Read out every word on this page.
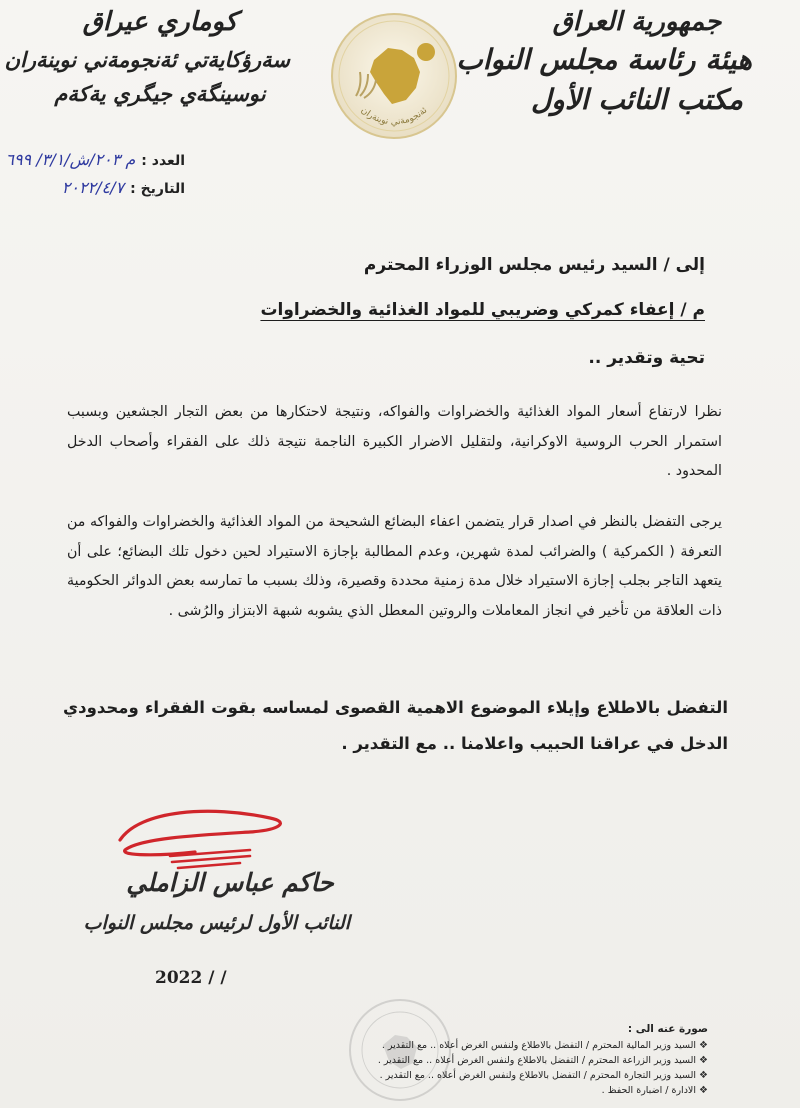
جمهورية العراق
هيئة رئاسة مجلس النواب
مكتب النائب الأول
كوماري عيراق
سةرؤكايةتي ئةنجومةني نوينةران
نوسينگةي جيگري يةكةم
ئةنجومةني نوينةران
العدد :
م ٢٠٣/ش/٣/١/ ٦٩٩
التاريخ :
٢٠٢٢/٤/٧
إلى / السيد رئيس مجلس الوزراء المحترم
م / إعفاء كمركي وضريبي للمواد الغذائية والخضراوات
تحية وتقدير ..
نظرا لارتفاع أسعار المواد الغذائية والخضراوات والفواكه، ونتيجة لاحتكارها من بعض التجار الجشعين وبسبب استمرار الحرب الروسية الاوكرانية، ولتقليل الاضرار الكبيرة الناجمة نتيجة ذلك على الفقراء وأصحاب الدخل المحدود .
يرجى التفضل بالنظر في اصدار قرار يتضمن اعفاء البضائع الشحيحة من المواد الغذائية والخضراوات والفواكه من التعرفة ( الكمركية ) والضرائب لمدة شهرين، وعدم المطالبة بإجازة الاستيراد لحين دخول تلك البضائع؛ على أن يتعهد التاجر بجلب إجازة الاستيراد خلال مدة زمنية محددة وقصيرة، وذلك بسبب ما تمارسه بعض الدوائر الحكومية ذات العلاقة من تأخير في انجاز المعاملات والروتين المعطل الذي يشوبه شبهة الابتزاز والرُشى .
التفضل بالاطلاع وإيلاء الموضوع الاهمية القصوى لمساسه بقوت الفقراء ومحدودي الدخل في عراقنا الحبيب واعلامنا .. مع التقدير .
حاكم عباس الزاملي
النائب الأول لرئيس مجلس النواب
2022 / /
صورة عنه الى :
❖
السيد وزير المالية المحترم / التفضل بالاطلاع ولنفس الغرض أعلاه .. مع التقدير .
❖
السيد وزير الزراعة المحترم / التفضل بالاطلاع ولنفس الغرض أعلاه .. مع التقدير .
❖
السيد وزير التجارة المحترم / التفضل بالاطلاع ولنفس الغرض أعلاه .. مع التقدير .
❖
الادارة / اضبارة الحفظ .
